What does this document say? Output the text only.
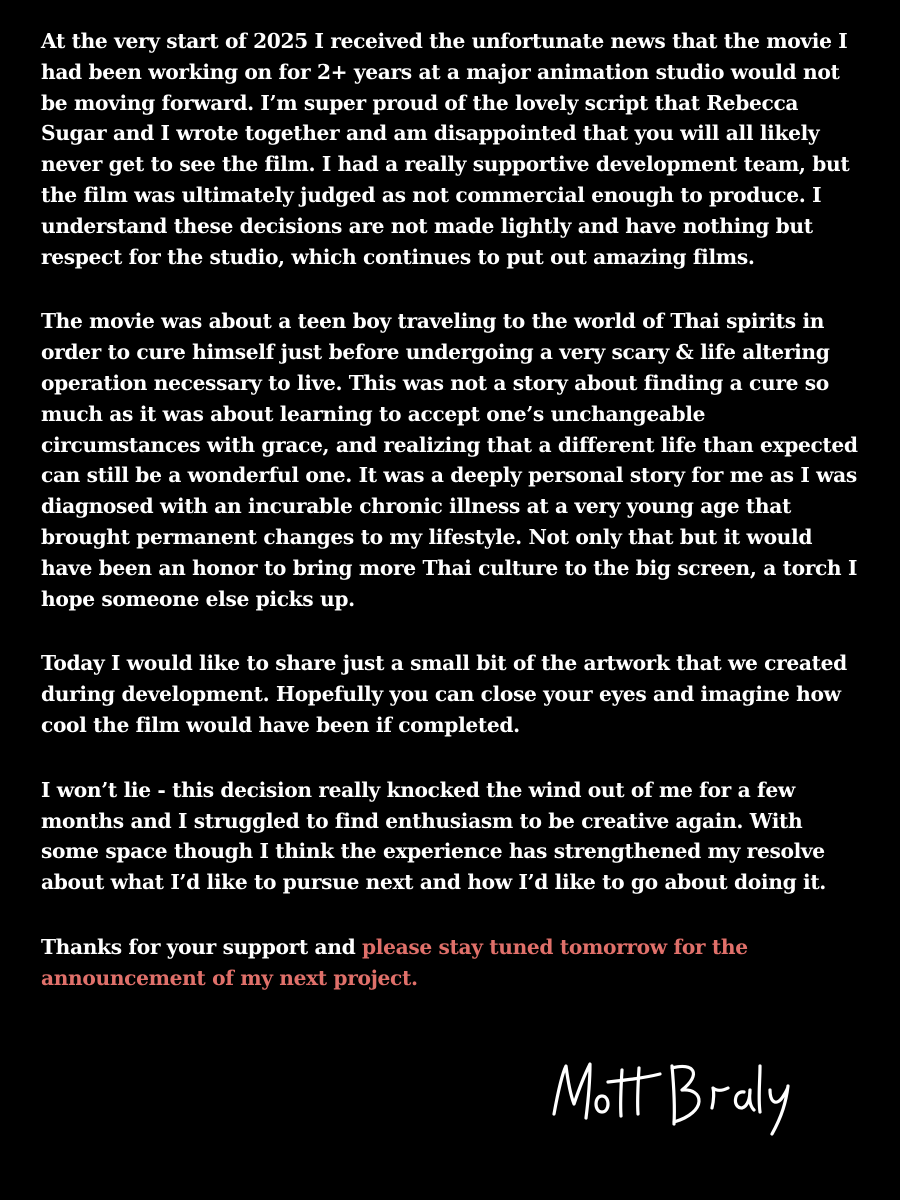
At the very start of 2025 I received the unfortunate news that the movie I had been working on for 2+ years at a major animation studio would not be moving forward. I’m super proud of the lovely script that Rebecca Sugar and I wrote together and am disappointed that you will all likely never get to see the film. I had a really supportive development team, but the film was ultimately judged as not commercial enough to produce. I understand these decisions are not made lightly and have nothing but respect for the studio, which continues to put out amazing films.

The movie was about a teen boy traveling to the world of Thai spirits in order to cure himself just before undergoing a very scary & life altering operation necessary to live. This was not a story about finding a cure so much as it was about learning to accept one’s unchangeable circumstances with grace, and realizing that a different life than expected can still be a wonderful one. It was a deeply personal story for me as I was diagnosed with an incurable chronic illness at a very young age that brought permanent changes to my lifestyle. Not only that but it would have been an honor to bring more Thai culture to the big screen, a torch I hope someone else picks up.

Today I would like to share just a small bit of the artwork that we created during development. Hopefully you can close your eyes and imagine how cool the film would have been if completed.

I won’t lie - this decision really knocked the wind out of me for a few months and I struggled to find enthusiasm to be creative again. With some space though I think the experience has strengthened my resolve about what I’d like to pursue next and how I’d like to go about doing it.

Thanks for your support and please stay tuned tomorrow for the announcement of my next project.
